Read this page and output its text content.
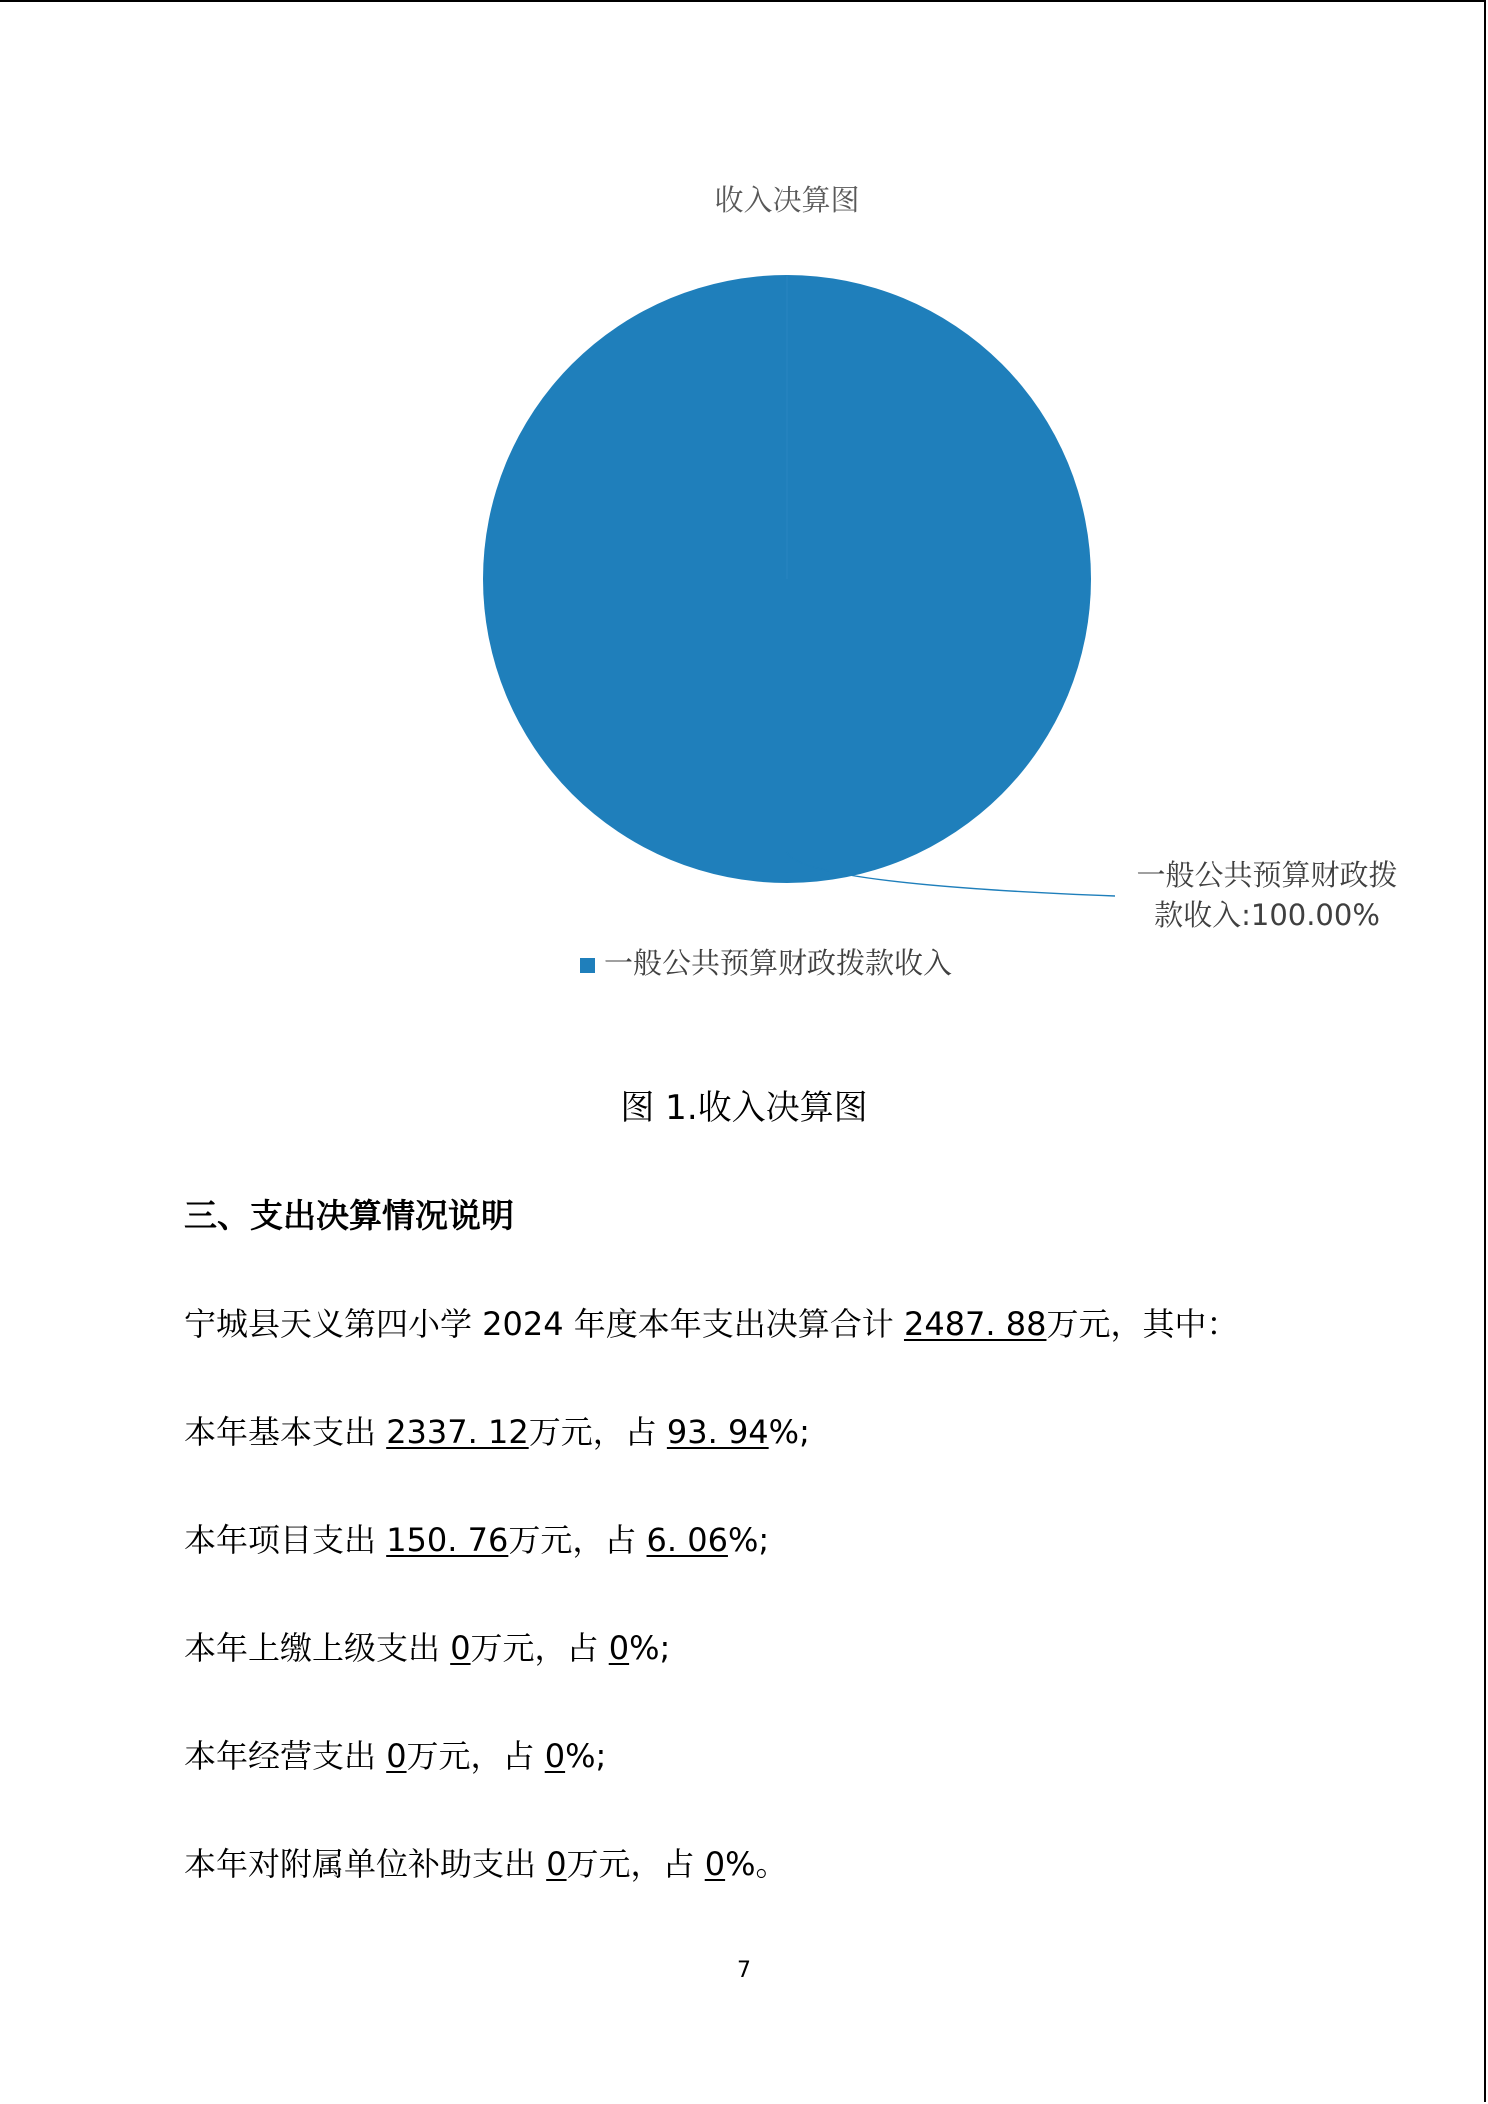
收入决算图
一般公共预算财政拨
款收入:100.00%
一般公共预算财政拨款收入
图 1.收入决算图
三、支出决算情况说明
宁城县天义第四小学 2024 年度本年支出决算合计 2487. 88万元，其中：
本年基本支出 2337. 12万元，占 93. 94%;
本年项目支出 150. 76万元，占 6. 06%;
本年上缴上级支出 0万元，占 0%;
本年经营支出 0万元，占 0%;
本年对附属单位补助支出 0万元，占 0%。
7
